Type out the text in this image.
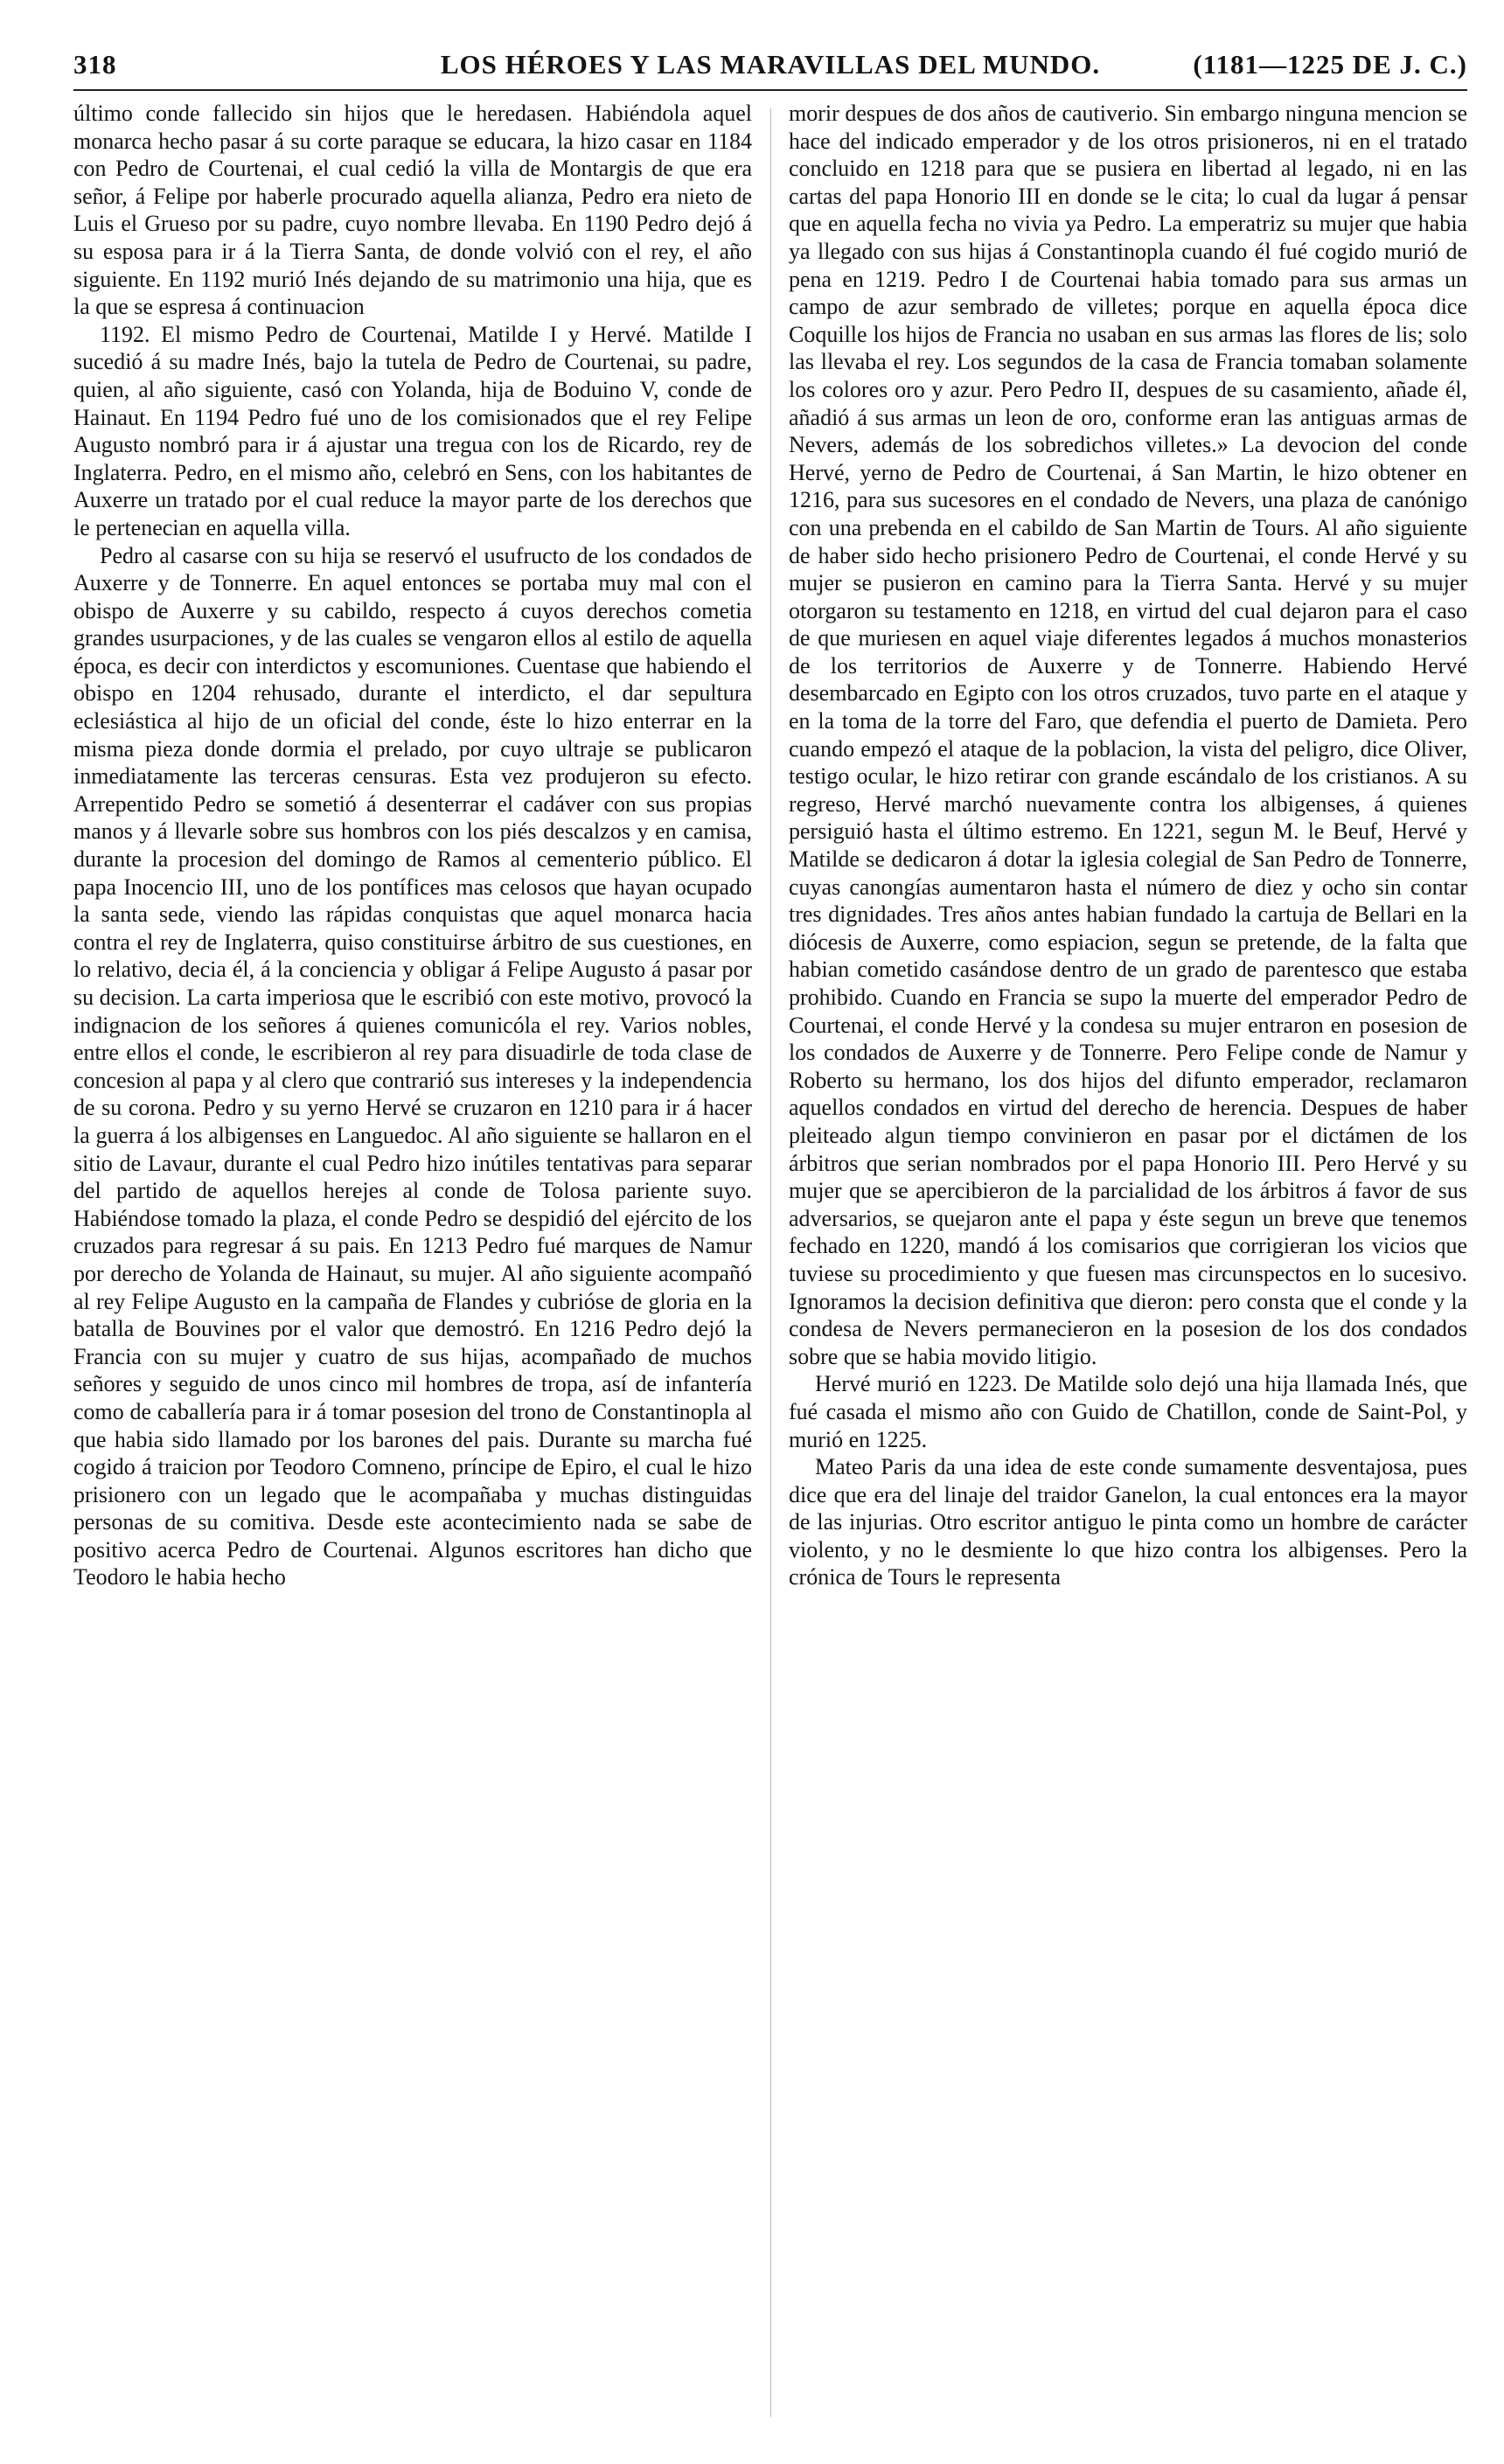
318	LOS HÉROES Y LAS MARAVILLAS DEL MUNDO.	(1181—1225 DE J. C.)

último conde fallecido sin hijos que le heredasen. Habiéndola aquel monarca hecho pasar á su corte paraque se educara, la hizo casar en 1184 con Pedro de Courtenai, el cual cedió la villa de Montargis de que era señor, á Felipe por haberle procurado aquella alianza, Pedro era nieto de Luis el Grueso por su padre, cuyo nombre llevaba. En 1190 Pedro dejó á su esposa para ir á la Tierra Santa, de donde volvió con el rey, el año siguiente. En 1192 murió Inés dejando de su matrimonio una hija, que es la que se espresa á continuacion

1192. El mismo Pedro de Courtenai, Matilde I y Hervé. Matilde I sucedió á su madre Inés, bajo la tutela de Pedro de Courtenai, su padre, quien, al año siguiente, casó con Yolanda, hija de Boduino V, conde de Hainaut. En 1194 Pedro fué uno de los comisionados que el rey Felipe Augusto nombró para ir á ajustar una tregua con los de Ricardo, rey de Inglaterra. Pedro, en el mismo año, celebró en Sens, con los habitantes de Auxerre un tratado por el cual reduce la mayor parte de los derechos que le pertenecian en aquella villa.

Pedro al casarse con su hija se reservó el usufructo de los condados de Auxerre y de Tonnerre. En aquel entonces se portaba muy mal con el obispo de Auxerre y su cabildo, respecto á cuyos derechos cometia grandes usurpaciones, y de las cuales se vengaron ellos al estilo de aquella época, es decir con interdictos y escomuniones. Cuentase que habiendo el obispo en 1204 rehusado, durante el interdicto, el dar sepultura eclesiástica al hijo de un oficial del conde, éste lo hizo enterrar en la misma pieza donde dormia el prelado, por cuyo ultraje se publicaron inmediatamente las terceras censuras. Esta vez produjeron su efecto. Arrepentido Pedro se sometió á desenterrar el cadáver con sus propias manos y á llevarle sobre sus hombros con los piés descalzos y en camisa, durante la procesion del domingo de Ramos al cementerio público. El papa Inocencio III, uno de los pontífices mas celosos que hayan ocupado la santa sede, viendo las rápidas conquistas que aquel monarca hacia contra el rey de Inglaterra, quiso constituirse árbitro de sus cuestiones, en lo relativo, decia él, á la conciencia y obligar á Felipe Augusto á pasar por su decision. La carta imperiosa que le escribió con este motivo, provocó la indignacion de los señores á quienes comunicóla el rey. Varios nobles, entre ellos el conde, le escribieron al rey para disuadirle de toda clase de concesion al papa y al clero que contrarió sus intereses y la independencia de su corona. Pedro y su yerno Hervé se cruzaron en 1210 para ir á hacer la guerra á los albigenses en Languedoc. Al año siguiente se hallaron en el sitio de Lavaur, durante el cual Pedro hizo inútiles tentativas para separar del partido de aquellos herejes al conde de Tolosa pariente suyo. Habiéndose tomado la plaza, el conde Pedro se despidió del ejército de los cruzados para regresar á su pais. En 1213 Pedro fué marques de Namur por derecho de Yolanda de Hainaut, su mujer. Al año siguiente acompañó al rey Felipe Augusto en la campaña de Flandes y cubrióse de gloria en la batalla de Bouvines por el valor que demostró. En 1216 Pedro dejó la Francia con su mujer y cuatro de sus hijas, acompañado de muchos señores y seguido de unos cinco mil hombres de tropa, así de infantería como de caballería para ir á tomar posesion del trono de Constantinopla al que habia sido llamado por los barones del pais. Durante su marcha fué cogido á traicion por Teodoro Comneno, príncipe de Epiro, el cual le hizo prisionero con un legado que le acompañaba y muchas distinguidas personas de su comitiva. Desde este acontecimiento nada se sabe de positivo acerca Pedro de Courtenai. Algunos escritores han dicho que Teodoro le habia hecho

morir despues de dos años de cautiverio. Sin embargo ninguna mencion se hace del indicado emperador y de los otros prisioneros, ni en el tratado concluido en 1218 para que se pusiera en libertad al legado, ni en las cartas del papa Honorio III en donde se le cita; lo cual da lugar á pensar que en aquella fecha no vivia ya Pedro. La emperatriz su mujer que habia ya llegado con sus hijas á Constantinopla cuando él fué cogido murió de pena en 1219. Pedro I de Courtenai habia tomado para sus armas un campo de azur sembrado de villetes; porque en aquella época dice Coquille los hijos de Francia no usaban en sus armas las flores de lis; solo las llevaba el rey. Los segundos de la casa de Francia tomaban solamente los colores oro y azur. Pero Pedro II, despues de su casamiento, añade él, añadió á sus armas un leon de oro, conforme eran las antiguas armas de Nevers, además de los sobredichos villetes.» La devocion del conde Hervé, yerno de Pedro de Courtenai, á San Martin, le hizo obtener en 1216, para sus sucesores en el condado de Nevers, una plaza de canónigo con una prebenda en el cabildo de San Martin de Tours. Al año siguiente de haber sido hecho prisionero Pedro de Courtenai, el conde Hervé y su mujer se pusieron en camino para la Tierra Santa. Hervé y su mujer otorgaron su testamento en 1218, en virtud del cual dejaron para el caso de que muriesen en aquel viaje diferentes legados á muchos monasterios de los territorios de Auxerre y de Tonnerre. Habiendo Hervé desembarcado en Egipto con los otros cruzados, tuvo parte en el ataque y en la toma de la torre del Faro, que defendia el puerto de Damieta. Pero cuando empezó el ataque de la poblacion, la vista del peligro, dice Oliver, testigo ocular, le hizo retirar con grande escándalo de los cristianos. A su regreso, Hervé marchó nuevamente contra los albigenses, á quienes persiguió hasta el último estremo. En 1221, segun M. le Beuf, Hervé y Matilde se dedicaron á dotar la iglesia colegial de San Pedro de Tonnerre, cuyas canongías aumentaron hasta el número de diez y ocho sin contar tres dignidades. Tres años antes habian fundado la cartuja de Bellari en la diócesis de Auxerre, como espiacion, segun se pretende, de la falta que habian cometido casándose dentro de un grado de parentesco que estaba prohibido. Cuando en Francia se supo la muerte del emperador Pedro de Courtenai, el conde Hervé y la condesa su mujer entraron en posesion de los condados de Auxerre y de Tonnerre. Pero Felipe conde de Namur y Roberto su hermano, los dos hijos del difunto emperador, reclamaron aquellos condados en virtud del derecho de herencia. Despues de haber pleiteado algun tiempo convinieron en pasar por el dictámen de los árbitros que serian nombrados por el papa Honorio III. Pero Hervé y su mujer que se apercibieron de la parcialidad de los árbitros á favor de sus adversarios, se quejaron ante el papa y éste segun un breve que tenemos fechado en 1220, mandó á los comisarios que corrigieran los vicios que tuviese su procedimiento y que fuesen mas circunspectos en lo sucesivo. Ignoramos la decision definitiva que dieron: pero consta que el conde y la condesa de Nevers permanecieron en la posesion de los dos condados sobre que se habia movido litigio.

Hervé murió en 1223. De Matilde solo dejó una hija llamada Inés, que fué casada el mismo año con Guido de Chatillon, conde de Saint-Pol, y murió en 1225.

Mateo Paris da una idea de este conde sumamente desventajosa, pues dice que era del linaje del traidor Ganelon, la cual entonces era la mayor de las injurias. Otro escritor antiguo le pinta como un hombre de carácter violento, y no le desmiente lo que hizo contra los albigenses. Pero la crónica de Tours le representa
